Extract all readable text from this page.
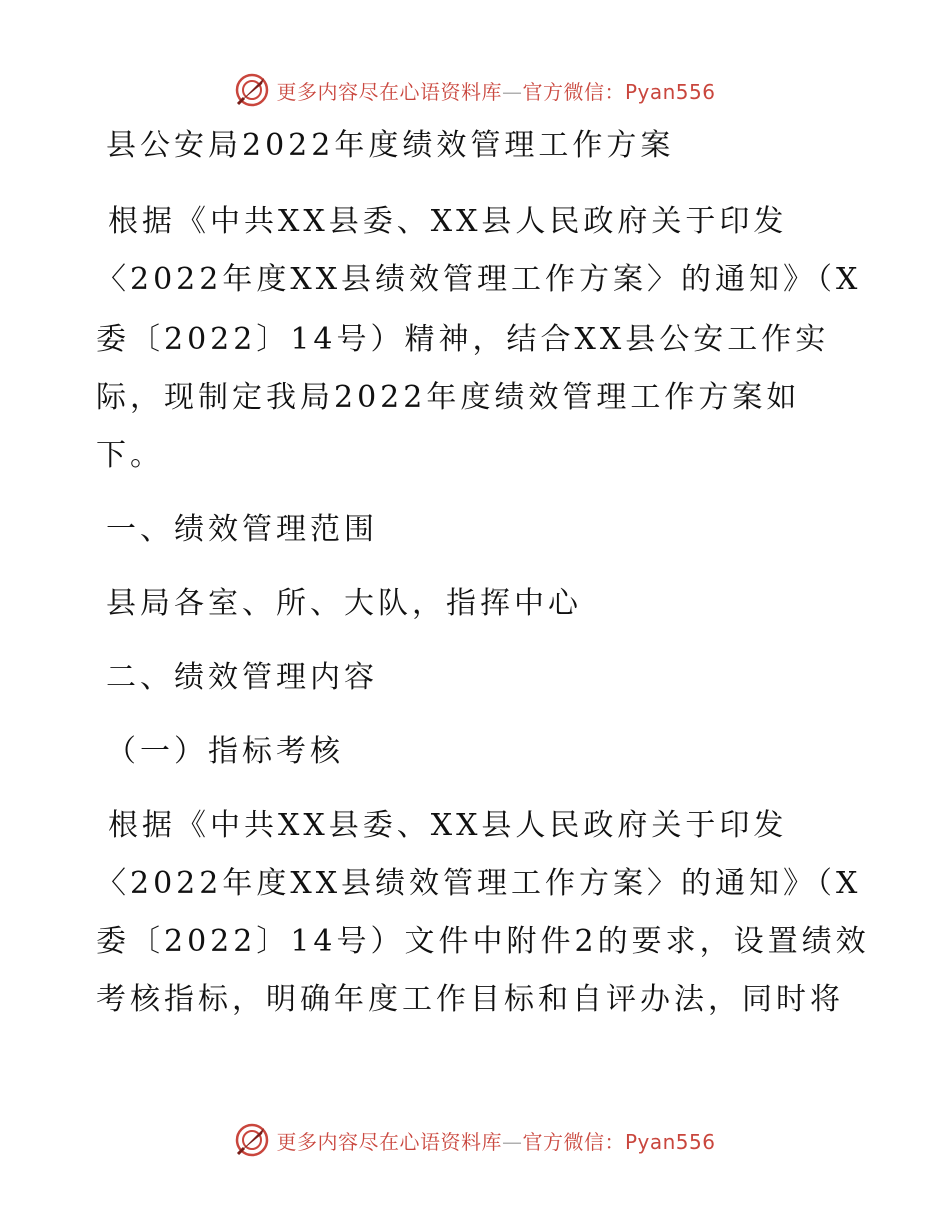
更多内容尽在心语资料库—官方微信：Pyan556
县公安局2022年度绩效管理工作方案
根据《中共XX县委、XX县人民政府关于印发
〈2022年度XX县绩效管理工作方案〉的通知》（X
委〔2022〕14号）精神，结合XX县公安工作实
际，现制定我局2022年度绩效管理工作方案如
下。
一、绩效管理范围
县局各室、所、大队，指挥中心
二、绩效管理内容
（一）指标考核
根据《中共XX县委、XX县人民政府关于印发
〈2022年度XX县绩效管理工作方案〉的通知》（X
委〔2022〕14号）文件中附件2的要求，设置绩效
考核指标，明确年度工作目标和自评办法，同时将
更多内容尽在心语资料库—官方微信：Pyan556
